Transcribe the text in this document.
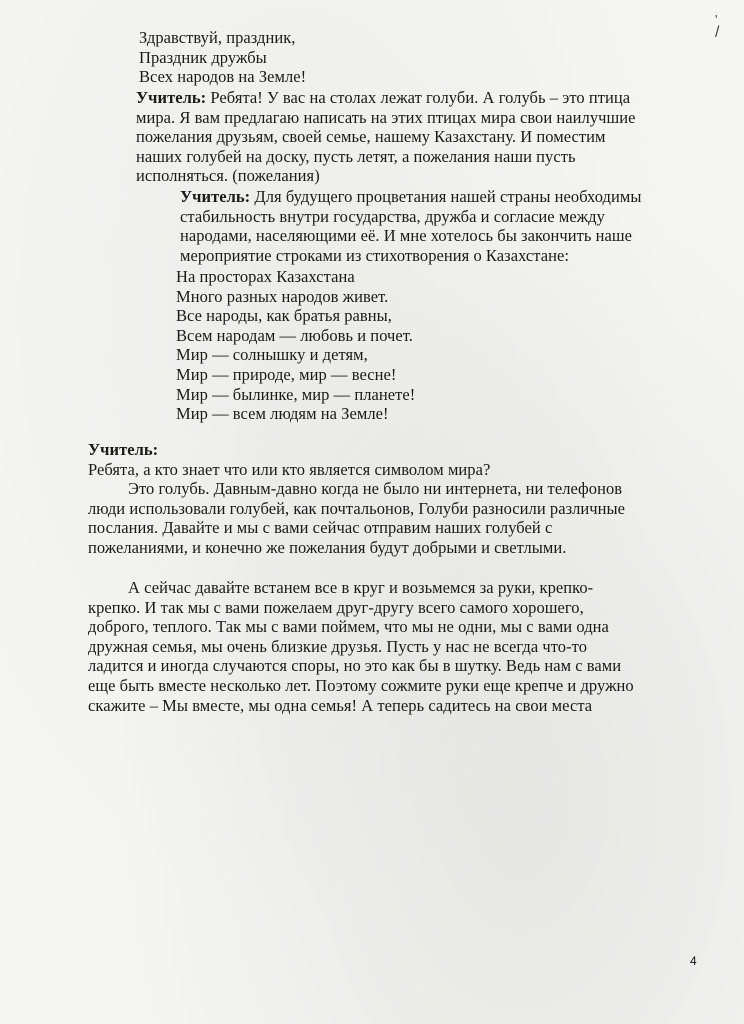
'
/
Здравствуй, праздник,
Праздник дружбы
Всех народов на Земле!
Учитель: Ребята! У вас на столах лежат голуби. А голубь – это птица
мира. Я вам предлагаю написать на этих птицах мира свои наилучшие
пожелания друзьям, своей семье, нашему Казахстану. И поместим
наших голубей на доску, пусть летят, а пожелания наши пусть
исполняться. (пожелания)
Учитель: Для будущего процветания нашей страны необходимы
стабильность внутри государства, дружба и согласие между
народами, населяющими её. И мне хотелось бы закончить наше
мероприятие строками из стихотворения о Казахстане:
На просторах Казахстана
Много разных народов живет.
Все народы, как братья равны,
Всем народам — любовь и почет.
Мир — солнышку и детям,
Мир — природе, мир — весне!
Мир — былинке, мир — планете!
Мир — всем людям на Земле!
Учитель:
Ребята, а кто знает что или кто является символом мира?
Это голубь. Давным-давно когда не было ни интернета, ни телефонов
люди использовали голубей, как почтальонов, Голуби разносили различные
послания. Давайте и мы с вами сейчас отправим наших голубей с
пожеланиями, и конечно же пожелания будут добрыми и светлыми.
А сейчас давайте встанем все в круг и возьмемся за руки, крепко-
крепко. И так мы с вами пожелаем друг-другу всего самого хорошего,
доброго, теплого. Так мы с вами поймем, что мы не одни, мы с вами одна
дружная семья, мы очень близкие друзья. Пусть у нас не всегда что-то
ладится и иногда случаются споры, но это как бы в шутку. Ведь нам с вами
еще быть вместе несколько лет. Поэтому сожмите руки еще крепче и дружно
скажите – Мы вместе, мы одна семья! А теперь садитесь на свои места
4
